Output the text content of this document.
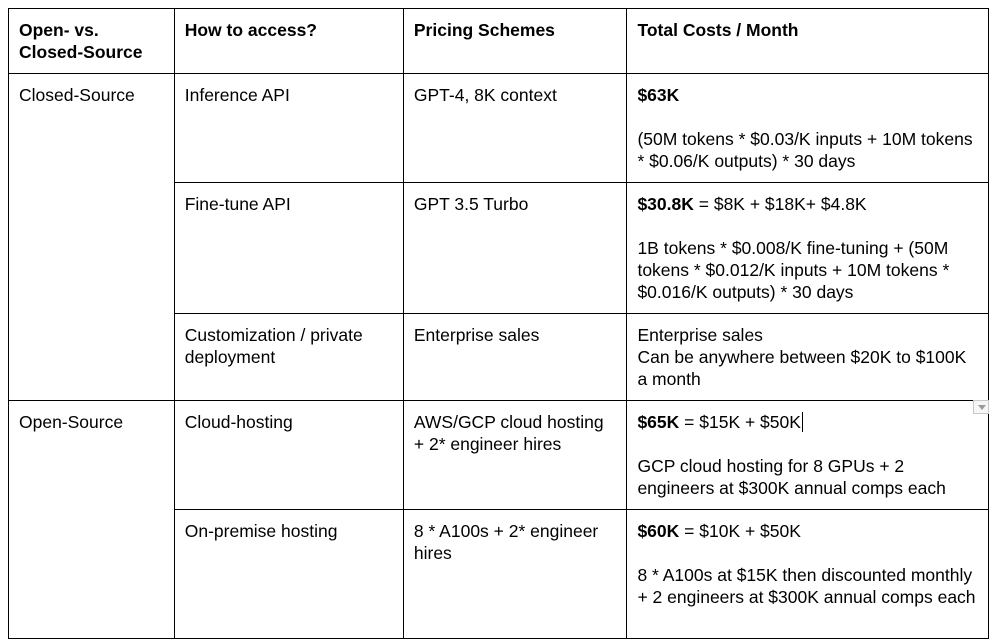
Open- vs.
Closed-Source	How to access?	Pricing Schemes	Total Costs / Month
Closed-Source	Inference API	GPT-4, 8K context	$63K

(50M tokens * $0.03/K inputs + 10M tokens * $0.06/K outputs) * 30 days

	Fine-tune API	GPT 3.5 Turbo	$30.8K = $8K + $18K+ $4.8K

1B tokens * $0.008/K fine-tuning + (50M tokens * $0.012/K inputs + 10M tokens * $0.016/K outputs) * 30 days

	Customization / private deployment	Enterprise sales	Enterprise sales

Can be anywhere between $20K to $100K a month

Open-Source	Cloud-hosting	AWS/GCP cloud hosting + 2* engineer hires	$65K = $15K + $50K

GCP cloud hosting for 8 GPUs + 2 engineers at $300K annual comps each

	On-premise hosting	8 * A100s + 2* engineer hires	$60K = $10K + $50K

8 * A100s at $15K then discounted monthly + 2 engineers at $300K annual comps each
